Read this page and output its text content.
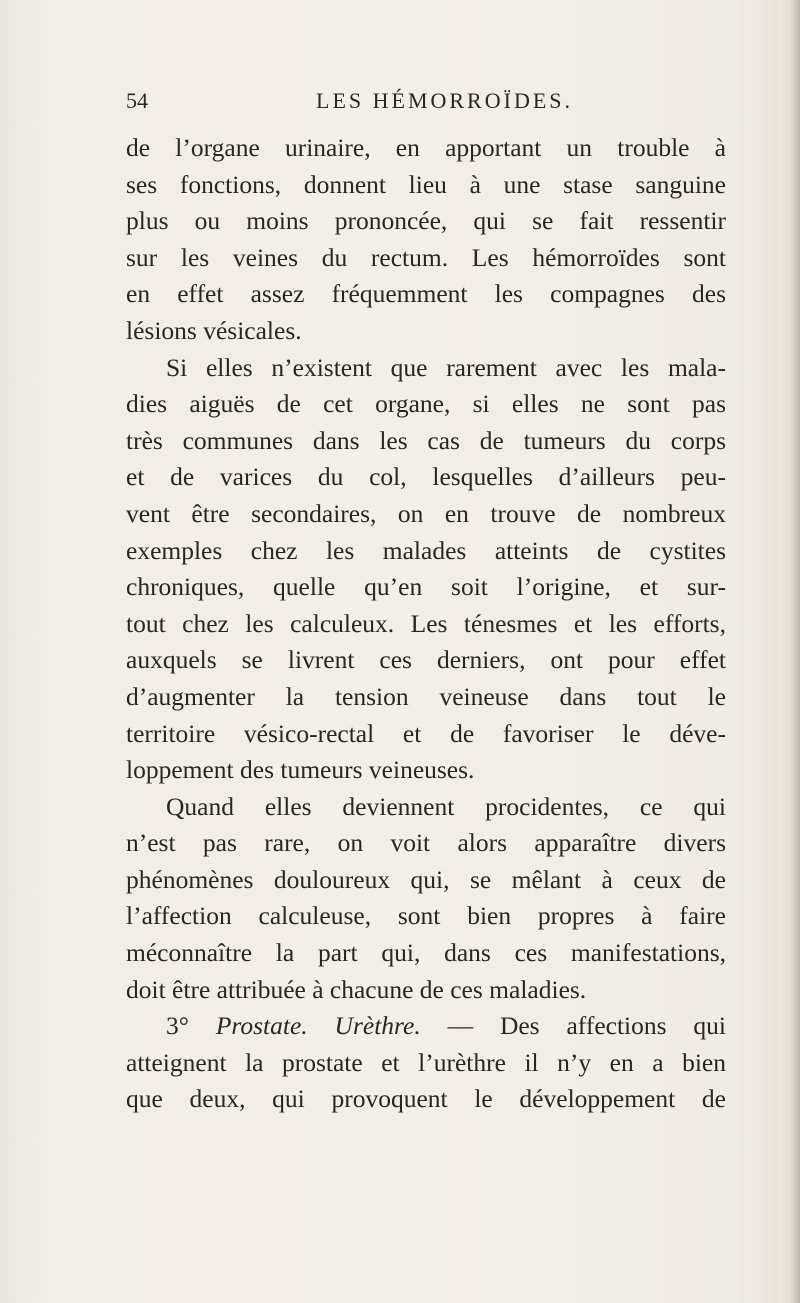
54	LES HÉMORROÏDES.
de l’organe urinaire, en apportant un trouble à
ses fonctions, donnent lieu à une stase sanguine
plus ou moins prononcée, qui se fait ressentir
sur les veines du rectum. Les hémorroïdes sont
en effet assez fréquemment les compagnes des
lésions vésicales.
Si elles n’existent que rarement avec les mala-
dies aiguës de cet organe, si elles ne sont pas
très communes dans les cas de tumeurs du corps
et de varices du col, lesquelles d’ailleurs peu-
vent être secondaires, on en trouve de nombreux
exemples chez les malades atteints de cystites
chroniques, quelle qu’en soit l’origine, et sur-
tout chez les calculeux. Les ténesmes et les efforts,
auxquels se livrent ces derniers, ont pour effet
d’augmenter la tension veineuse dans tout le
territoire vésico-rectal et de favoriser le déve-
loppement des tumeurs veineuses.
Quand elles deviennent procidentes, ce qui
n’est pas rare, on voit alors apparaître divers
phénomènes douloureux qui, se mêlant à ceux de
l’affection calculeuse, sont bien propres à faire
méconnaître la part qui, dans ces manifestations,
doit être attribuée à chacune de ces maladies.
3° Prostate. Urèthre. — Des affections qui
atteignent la prostate et l’urèthre il n’y en a bien
que deux, qui provoquent le développement de
